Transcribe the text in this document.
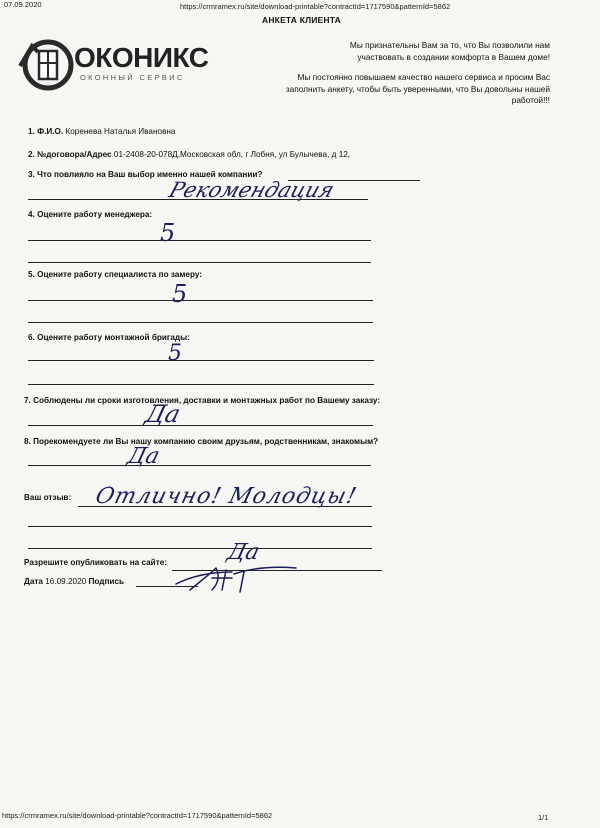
07.09.2020	https://crmramex.ru/site/download-printable?contractId=1717590&patternId=5862
АНКЕТА КЛИЕНТА
ОКОНИКС
ОКОННЫЙ СЕРВИС
Мы признательны Вам за то, что Вы позволили нам участвовать в создании комфорта в Вашем доме!
Мы постоянно повышаем качество нашего сервиса и просим Вас заполнить анкету, чтобы быть уверенными, что Вы довольны нашей работой!!!
1. Ф.И.О. Коренева Наталья Ивановна
2. №договора/Адрес 01-2408-20-078Д,Московская обл, г Лобня, ул Булычева, д 12,
3. Что повлияло на Ваш выбор именно нашей компании?
Рекомендация
4. Оцените работу менеджера:
5
5. Оцените работу специалиста по замеру:
5
6. Оцените работу монтажной бригады:
5
7. Соблюдены ли сроки изготовления, доставки и монтажных работ по Вашему заказу:
Да
8. Порекомендуете ли Вы нашу компанию своим друзьям, родственникам, знакомым?
Да
Ваш отзыв: Отлично! Молодцы!
Разрешите опубликовать на сайте:	Да
Дата 16.09.2020 Подпись
https://crmramex.ru/site/download-printable?contractId=1717590&patternId=5862	1/1
